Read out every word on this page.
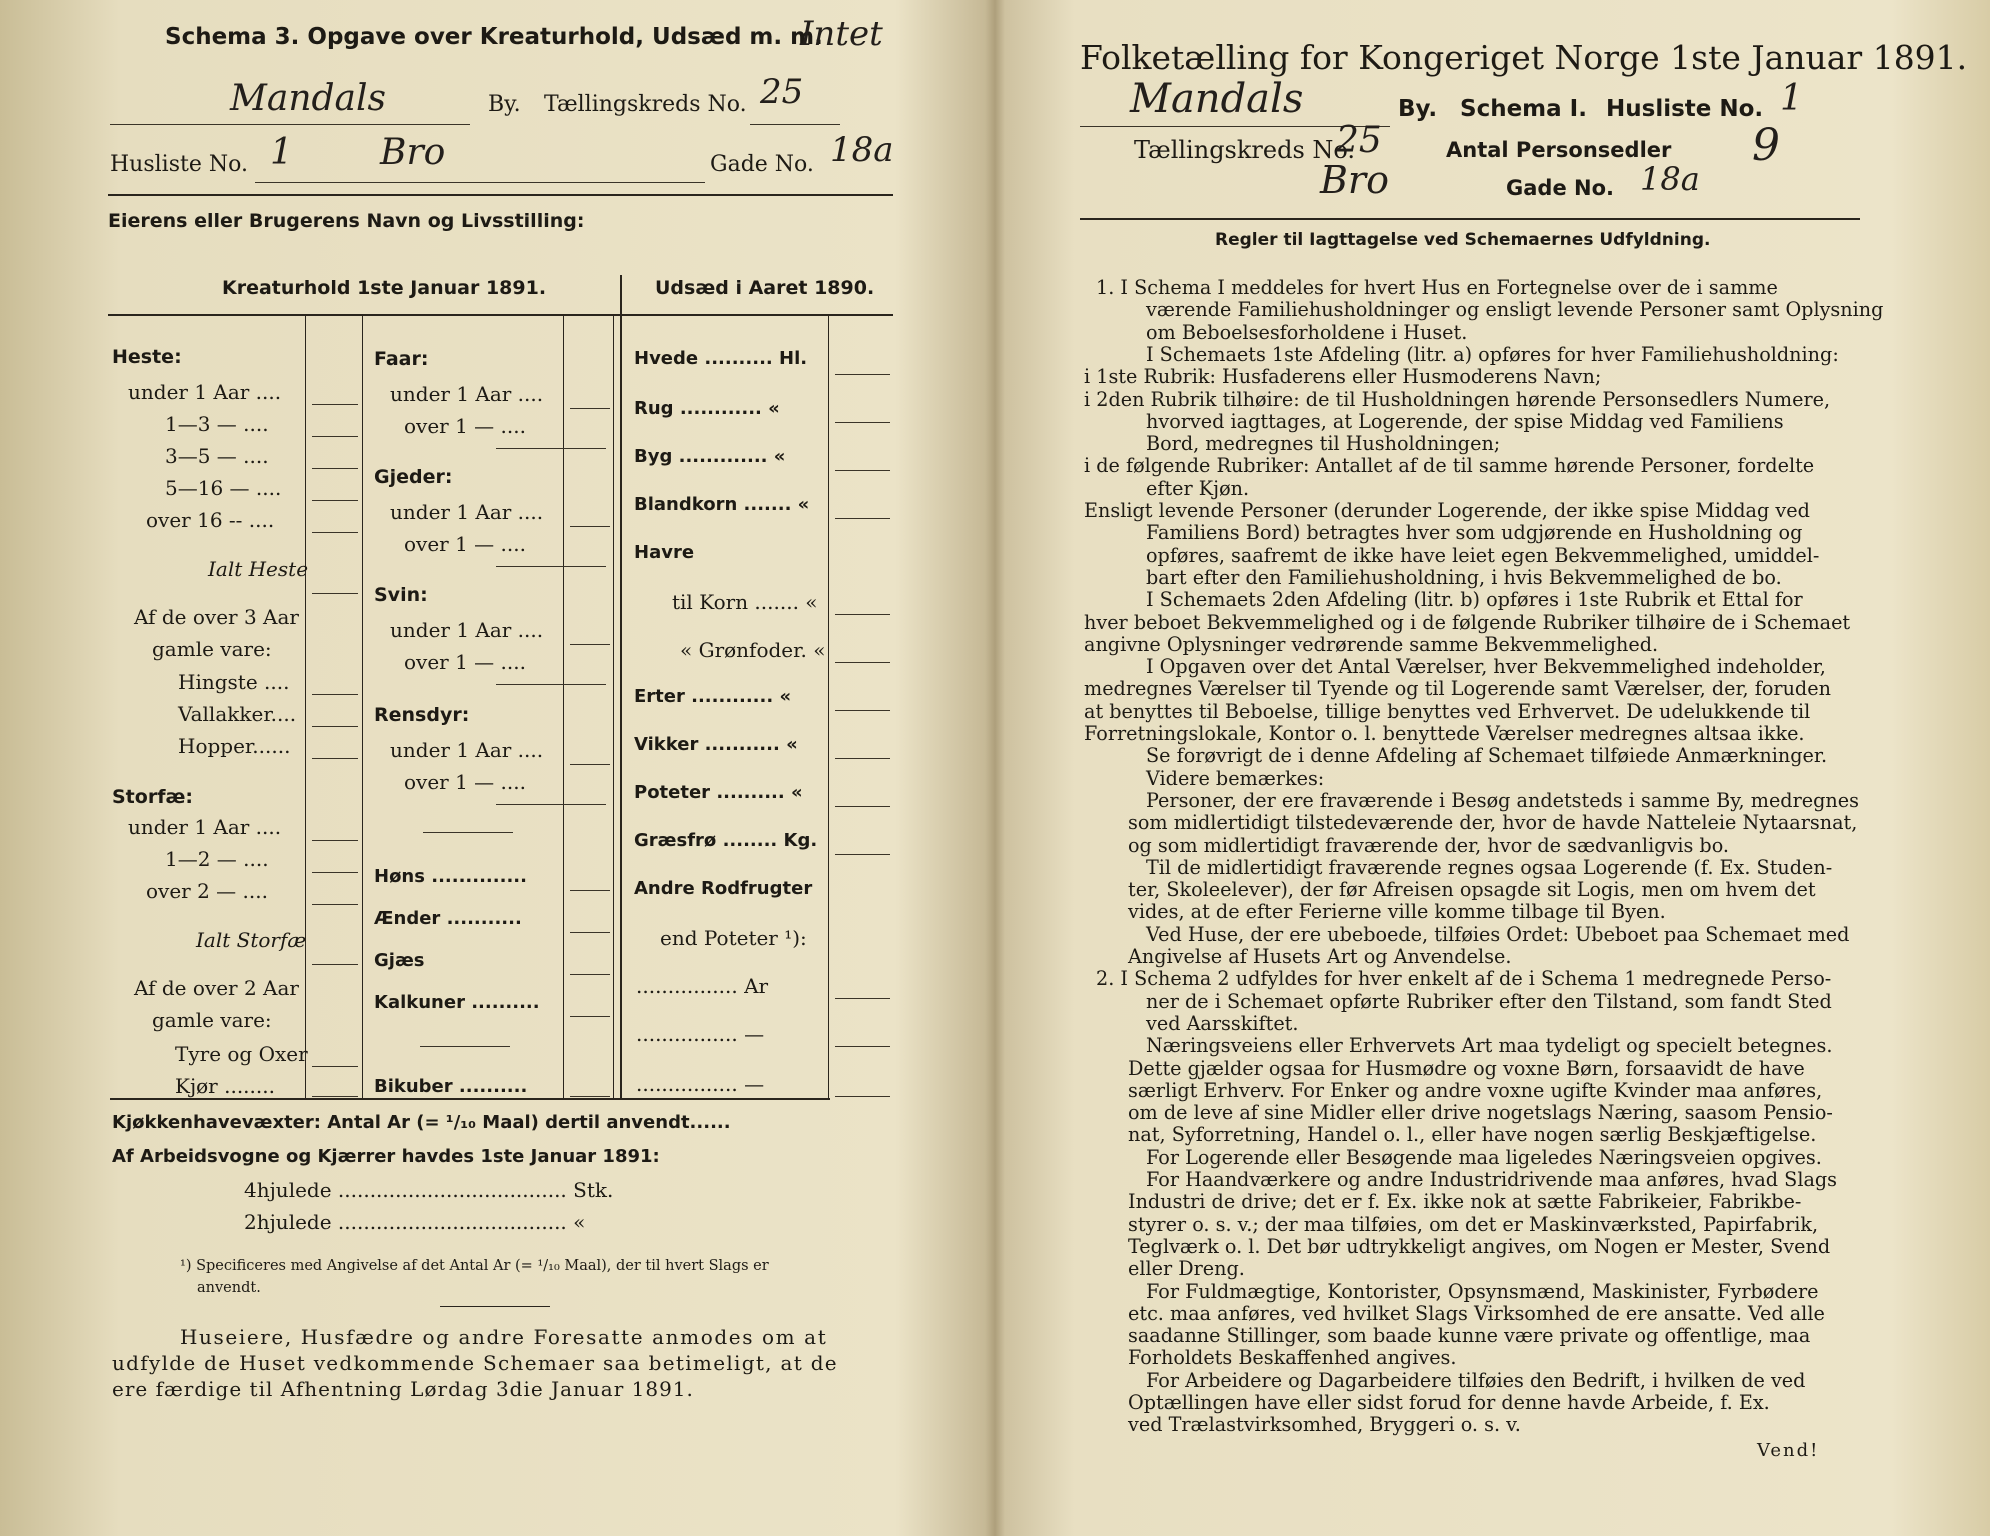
Schema 3. Opgave over Kreaturhold, Udsæd m. m.
Intet
Mandals	By. Tællingskreds No. 25
Husliste No. 1 Bro	Gade No. 18a
Eierens eller Brugerens Navn og Livsstilling:
Kreaturhold 1ste Januar 1891.	Udsæd i Aaret 1890.
Heste:
under 1 Aar ....
1—3 — ....
3—5 — ....
5—16 — ....
over 16 -- ....
Ialt Heste
Af de over 3 Aar
gamle vare:
Hingste ....
Vallakker....
Hopper......
Storfæ:
under 1 Aar ....
1—2 — ....
over 2 — ....
Ialt Storfæ
Af de over 2 Aar
gamle vare:
Tyre og Oxer
Kjør ........
Faar:
under 1 Aar ....
over 1 — ....
Gjeder:
under 1 Aar ....
over 1 — ....
Svin:
under 1 Aar ....
over 1 — ....
Rensdyr:
under 1 Aar ....
over 1 — ....
Høns ..............
Ænder ...........
Gjæs
Kalkuner ..........
Bikuber ..........
Hvede .......... Hl.
Rug ............ «
Byg ............. «
Blandkorn ....... «
Havre
til Korn ....... «
« Grønfoder. «
Erter ............ «
Vikker ........... «
Poteter .......... «
Græsfrø ........ Kg.
Andre Rodfrugter
end Poteter ¹):
................ Ar
................ —
................ —
Kjøkkenhavevæxter: Antal Ar (= ¹/₁₀ Maal) dertil anvendt......
Af Arbeidsvogne og Kjærrer havdes 1ste Januar 1891:
4hjulede .................................... Stk.
2hjulede .................................... «
¹) Specificeres med Angivelse af det Antal Ar (= ¹/₁₀ Maal), der til hvert Slags er
anvendt.
Huseiere, Husfædre og andre Foresatte anmodes om at
udfylde de Huset vedkommende Schemaer saa betimeligt, at de
ere færdige til Afhentning Lørdag 3die Januar 1891.
Folketælling for Kongeriget Norge 1ste Januar 1891.
Mandals	By. Schema I. Husliste No. 1
Tællingskreds No.
25	Antal Personsedler 9
Bro	Gade No. 18a
Regler til Iagttagelse ved Schemaernes Udfyldning.
1. I Schema I meddeles for hvert Hus en Fortegnelse over de i samme
værende Familiehusholdninger og ensligt levende Personer samt Oplysning
om Beboelsesforholdene i Huset.
I Schemaets 1ste Afdeling (litr. a) opføres for hver Familiehusholdning:
i 1ste Rubrik: Husfaderens eller Husmoderens Navn;
i 2den Rubrik tilhøire: de til Husholdningen hørende Personsedlers Numere,
hvorved iagttages, at Logerende, der spise Middag ved Familiens
Bord, medregnes til Husholdningen;
i de følgende Rubriker: Antallet af de til samme hørende Personer, fordelte
efter Kjøn.
Ensligt levende Personer (derunder Logerende, der ikke spise Middag ved
Familiens Bord) betragtes hver som udgjørende en Husholdning og
opføres, saafremt de ikke have leiet egen Bekvemmelighed, umiddel-
bart efter den Familiehusholdning, i hvis Bekvemmelighed de bo.
I Schemaets 2den Afdeling (litr. b) opføres i 1ste Rubrik et Ettal for
hver beboet Bekvemmelighed og i de følgende Rubriker tilhøire de i Schemaet
angivne Oplysninger vedrørende samme Bekvemmelighed.
I Opgaven over det Antal Værelser, hver Bekvemmelighed indeholder,
medregnes Værelser til Tyende og til Logerende samt Værelser, der, foruden
at benyttes til Beboelse, tillige benyttes ved Erhvervet. De udelukkende til
Forretningslokale, Kontor o. l. benyttede Værelser medregnes altsaa ikke.
Se forøvrigt de i denne Afdeling af Schemaet tilføiede Anmærkninger.
Videre bemærkes:
Personer, der ere fraværende i Besøg andetsteds i samme By, medregnes
som midlertidigt tilstedeværende der, hvor de havde Natteleie Nytaarsnat,
og som midlertidigt fraværende der, hvor de sædvanligvis bo.
Til de midlertidigt fraværende regnes ogsaa Logerende (f. Ex. Studen-
ter, Skoleelever), der før Afreisen opsagde sit Logis, men om hvem det
vides, at de efter Ferierne ville komme tilbage til Byen.
Ved Huse, der ere ubeboede, tilføies Ordet: Ubeboet paa Schemaet med
Angivelse af Husets Art og Anvendelse.
2. I Schema 2 udfyldes for hver enkelt af de i Schema 1 medregnede Perso-
ner de i Schemaet opførte Rubriker efter den Tilstand, som fandt Sted
ved Aarsskiftet.
Næringsveiens eller Erhvervets Art maa tydeligt og specielt betegnes.
Dette gjælder ogsaa for Husmødre og voxne Børn, forsaavidt de have
særligt Erhverv. For Enker og andre voxne ugifte Kvinder maa anføres,
om de leve af sine Midler eller drive nogetslags Næring, saasom Pensio-
nat, Syforretning, Handel o. l., eller have nogen særlig Beskjæftigelse.
For Logerende eller Besøgende maa ligeledes Næringsveien opgives.
For Haandværkere og andre Industridrivende maa anføres, hvad Slags
Industri de drive; det er f. Ex. ikke nok at sætte Fabrikeier, Fabrikbe-
styrer o. s. v.; der maa tilføies, om det er Maskinværksted, Papirfabrik,
Teglværk o. l. Det bør udtrykkeligt angives, om Nogen er Mester, Svend
eller Dreng.
For Fuldmægtige, Kontorister, Opsynsmænd, Maskinister, Fyrbødere
etc. maa anføres, ved hvilket Slags Virksomhed de ere ansatte. Ved alle
saadanne Stillinger, som baade kunne være private og offentlige, maa
Forholdets Beskaffenhed angives.
For Arbeidere og Dagarbeidere tilføies den Bedrift, i hvilken de ved
Optællingen have eller sidst forud for denne havde Arbeide, f. Ex.
ved Trælastvirksomhed, Bryggeri o. s. v.
Vend!
